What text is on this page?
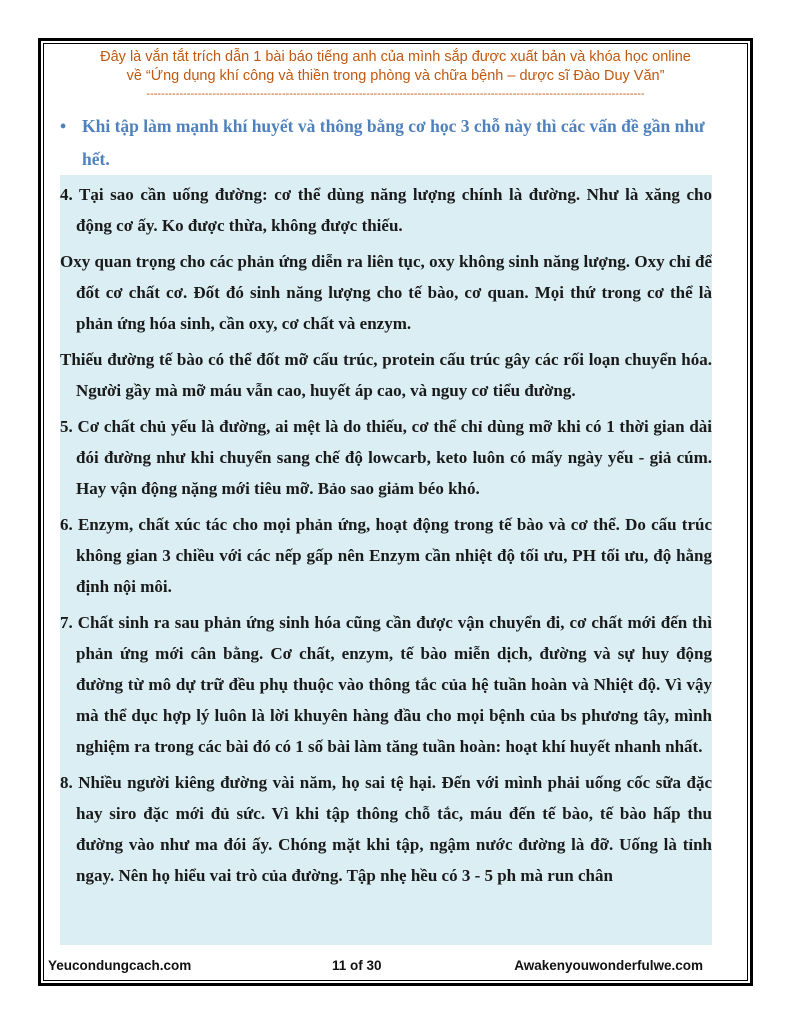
Đây là vắn tắt trích dẫn 1 bài báo tiếng anh của mình sắp được xuất bản và khóa học online
về “Ứng dụng khí công và thiền trong phòng và chữa bệnh – dược sĩ Đào Duy Văn”
----------------------------------------------------------------------------------------------------------------------------------------
• Khi tập làm mạnh khí huyết và thông bằng cơ học 3 chỗ này thì các vấn đề gần như hết.

4. Tại sao cần uống đường: cơ thể dùng năng lượng chính là đường. Như là xăng cho động cơ ấy. Ko được thừa, không được thiếu.

Oxy quan trọng cho các phản ứng diễn ra liên tục, oxy không sinh năng lượng. Oxy chỉ để đốt cơ chất cơ. Đốt đó sinh năng lượng cho tế bào, cơ quan. Mọi thứ trong cơ thể là phản ứng hóa sinh, cần oxy, cơ chất và enzym.

Thiếu đường tế bào có thể đốt mỡ cấu trúc, protein cấu trúc gây các rối loạn chuyển hóa. Người gầy mà mỡ máu vẫn cao, huyết áp cao, và nguy cơ tiểu đường.

5. Cơ chất chủ yếu là đường, ai mệt là do thiếu, cơ thể chỉ dùng mỡ khi có 1 thời gian dài đói đường như khi chuyển sang chế độ lowcarb, keto luôn có mấy ngày yếu - giả cúm. Hay vận động nặng mới tiêu mỡ. Bảo sao giảm béo khó.

6. Enzym, chất xúc tác cho mọi phản ứng, hoạt động trong tế bào và cơ thể. Do cấu trúc không gian 3 chiều với các nếp gấp nên Enzym cần nhiệt độ tối ưu, PH tối ưu, độ hằng định nội môi.

7. Chất sinh ra sau phản ứng sinh hóa cũng cần được vận chuyển đi, cơ chất mới đến thì phản ứng mới cân bằng. Cơ chất, enzym, tế bào miễn dịch, đường và sự huy động đường từ mô dự trữ đều phụ thuộc vào thông tắc của hệ tuần hoàn và Nhiệt độ. Vì vậy mà thể dục hợp lý luôn là lời khuyên hàng đầu cho mọi bệnh của bs phương tây, mình nghiệm ra trong các bài đó có 1 số bài làm tăng tuần hoàn: hoạt khí huyết nhanh nhất.

8. Nhiều người kiêng đường vài năm, họ sai tệ hại. Đến với mình phải uống cốc sữa đặc hay siro đặc mới đủ sức. Vì khi tập thông chỗ tắc, máu đến tế bào, tế bào hấp thu đường vào như ma đói ấy. Chóng mặt khi tập, ngậm nước đường là đỡ. Uống là tỉnh ngay. Nên họ hiểu vai trò của đường. Tập nhẹ hều có 3 - 5 ph mà run chân

Yeucondungcach.com	11 of 30	Awakenyouwonderfulwe.com
